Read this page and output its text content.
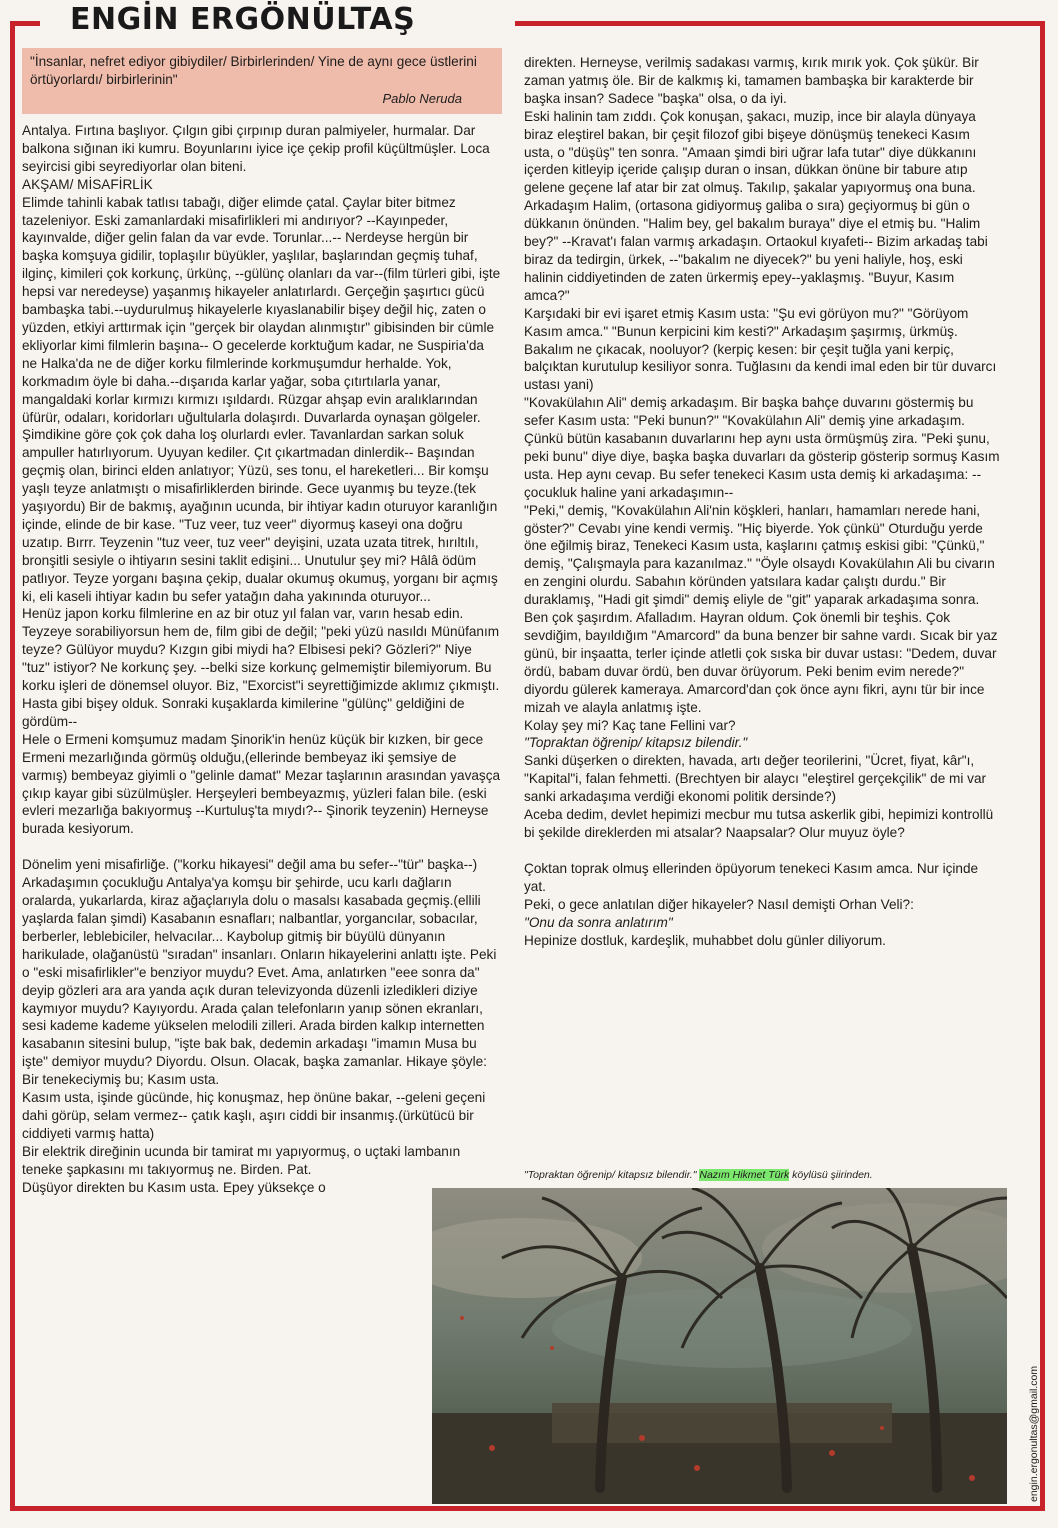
ENGİN ERGÖNÜLTAŞ
"İnsanlar, nefret ediyor gibiydiler/ Birbirlerinden/ Yine de aynı gece üstlerini örtüyorlardı/ birbirlerinin"
Pablo Neruda

Antalya. Fırtına başlıyor. Çılgın gibi çırpınıp duran palmiyeler, hurmalar. Dar balkona sığınan iki kumru. Boyunlarını iyice içe çekip profil küçültmüşler. Loca seyircisi gibi seyrediyorlar olan biteni.

AKŞAM/ MİSAFİRLİK

Elimde tahinli kabak tatlısı tabağı, diğer elimde çatal. Çaylar biter bitmez tazeleniyor. Eski zamanlardaki misafirlikleri mi andırıyor? --Kayınpeder, kayınvalde, diğer gelin falan da var evde. Torunlar...-- Nerdeyse hergün bir başka komşuya gidilir, toplaşılır büyükler, yaşlılar, başlarından geçmiş tuhaf, ilginç, kimileri çok korkunç, ürkünç, --gülünç olanları da var--(film türleri gibi, işte hepsi var neredeyse) yaşanmış hikayeler anlatırlardı. Gerçeğin şaşırtıcı gücü bambaşka tabi.--uydurulmuş hikayelerle kıyaslanabilir bişey değil hiç, zaten o yüzden, etkiyi arttırmak için "gerçek bir olaydan alınmıştır" gibisinden bir cümle ekliyorlar kimi filmlerin başına-- O gecelerde korktuğum kadar, ne Suspiria'da ne Halka'da ne de diğer korku filmlerinde korkmuşumdur herhalde. Yok, korkmadım öyle bi daha.--dışarıda karlar yağar, soba çıtırtılarla yanar, mangaldaki korlar kırmızı kırmızı ışıldardı. Rüzgar ahşap evin aralıklarından üfürür, odaları, koridorları uğultularla dolaşırdı. Duvarlarda oynaşan gölgeler. Şimdikine göre çok çok daha loş olurlardı evler. Tavanlardan sarkan soluk ampuller hatırlıyorum. Uyuyan kediler. Çıt çıkartmadan dinlerdik-- Başından geçmiş olan, birinci elden anlatıyor; Yüzü, ses tonu, el hareketleri... Bir komşu yaşlı teyze anlatmıştı o misafirliklerden birinde. Gece uyanmış bu teyze.(tek yaşıyordu) Bir de bakmış, ayağının ucunda, bir ihtiyar kadın oturuyor karanlığın içinde, elinde de bir kase. "Tuz veer, tuz veer" diyormuş kaseyi ona doğru uzatıp. Bırrr. Teyzenin "tuz veer, tuz veer" deyişini, uzata uzata titrek, hırıltılı, bronşitli sesiyle o ihtiyarın sesini taklit edişini... Unutulur şey mi? Hâlâ ödüm patlıyor. Teyze yorganı başına çekip, dualar okumuş okumuş, yorganı bir açmış ki, eli kaseli ihtiyar kadın bu sefer yatağın daha yakınında oturuyor...

Henüz japon korku filmlerine en az bir otuz yıl falan var, varın hesab edin. Teyzeye sorabiliyorsun hem de, film gibi de değil; "peki yüzü nasıldı Münüfanım teyze? Gülüyor muydu? Kızgın gibi miydi ha? Elbisesi peki? Gözleri?" Niye "tuz" istiyor? Ne korkunç şey. --belki size korkunç gelmemiştir bilemiyorum. Bu korku işleri de dönemsel oluyor. Biz, "Exorcist"i seyrettiğimizde aklımız çıkmıştı. Hasta gibi bişey olduk. Sonraki kuşaklarda kimilerine "gülünç" geldiğini de gördüm--

Hele o Ermeni komşumuz madam Şinorik'in henüz küçük bir kızken, bir gece Ermeni mezarlığında görmüş olduğu,(ellerinde bembeyaz iki şemsiye de varmış) bembeyaz giyimli o "gelinle damat" Mezar taşlarının arasından yavaşça çıkıp kayar gibi süzülmüşler. Herşeyleri bembeyazmış, yüzleri falan bile. (eski evleri mezarlığa bakıyormuş --Kurtuluş'ta mıydı?-- Şinorik teyzenin) Herneyse burada kesiyorum.

Dönelim yeni misafirliğe. ("korku hikayesi" değil ama bu sefer--"tür" başka--) Arkadaşımın çocukluğu Antalya'ya komşu bir şehirde, ucu karlı dağların oralarda, yukarlarda, kiraz ağaçlarıyla dolu o masalsı kasabada geçmiş.(ellili yaşlarda falan şimdi) Kasabanın esnafları; nalbantlar, yorgancılar, sobacılar, berberler, leblebiciler, helvacılar... Kaybolup gitmiş bir büyülü dünyanın harikulade, olağanüstü "sıradan" insanları. Onların hikayelerini anlattı işte. Peki o "eski misafirlikler"e benziyor muydu? Evet. Ama, anlatırken "eee sonra da" deyip gözleri ara ara yanda açık duran televizyonda düzenli izledikleri diziye kaymıyor muydu? Kayıyordu. Arada çalan telefonların yanıp sönen ekranları, sesi kademe kademe yükselen melodili zilleri. Arada birden kalkıp internetten kasabanın sitesini bulup, "işte bak bak, dedemin arkadaşı "imamın Musa bu işte" demiyor muydu? Diyordu. Olsun. Olacak, başka zamanlar. Hikaye şöyle:

Bir tenekeciymiş bu; Kasım usta.

Kasım usta, işinde gücünde, hiç konuşmaz, hep önüne bakar, --geleni geçeni dahi görüp, selam vermez-- çatık kaşlı, aşırı ciddi bir insanmış.(ürkütücü bir ciddiyeti varmış hatta)

Bir elektrik direğinin ucunda bir tamirat mı yapıyormuş, o uçtaki lambanın teneke şapkasını mı takıyormuş ne. Birden. Pat.

Düşüyor direkten bu Kasım usta. Epey yüksekçe o

direkten. Herneyse, verilmiş sadakası varmış, kırık mırık yok. Çok şükür. Bir zaman yatmış öle. Bir de kalkmış ki, tamamen bambaşka bir karakterde bir başka insan? Sadece "başka" olsa, o da iyi.

Eski halinin tam zıddı. Çok konuşan, şakacı, muzip, ince bir alayla dünyaya biraz eleştirel bakan, bir çeşit filozof gibi bişeye dönüşmüş tenekeci Kasım usta, o "düşüş" ten sonra. "Amaan şimdi biri uğrar lafa tutar" diye dükkanını içerden kitleyip içeride çalışıp duran o insan, dükkan önüne bir tabure atıp gelene geçene laf atar bir zat olmuş. Takılıp, şakalar yapıyormuş ona buna. Arkadaşım Halim, (ortasona gidiyormuş galiba o sıra) geçiyormuş bi gün o dükkanın önünden. "Halim bey, gel bakalım buraya" diye el etmiş bu. "Halim bey?" --Kravat'ı falan varmış arkadaşın. Ortaokul kıyafeti-- Bizim arkadaş tabi biraz da tedirgin, ürkek, --"bakalım ne diyecek?" bu yeni haliyle, hoş, eski halinin ciddiyetinden de zaten ürkermiş epey--yaklaşmış. "Buyur, Kasım amca?"

Karşıdaki bir evi işaret etmiş Kasım usta: "Şu evi görüyon mu?" "Görüyom Kasım amca." "Bunun kerpicini kim kesti?" Arkadaşım şaşırmış, ürkmüş. Bakalım ne çıkacak, nooluyor? (kerpiç kesen: bir çeşit tuğla yani kerpiç, balçıktan kurutulup kesiliyor sonra. Tuğlasını da kendi imal eden bir tür duvarcı ustası yani)

"Kovakülahın Ali" demiş arkadaşım. Bir başka bahçe duvarını göstermiş bu sefer Kasım usta: "Peki bunun?" "Kovakülahın Ali" demiş yine arkadaşım. Çünkü bütün kasabanın duvarlarını hep aynı usta örmüşmüş zira. "Peki şunu, peki bunu" diye diye, başka başka duvarları da gösterip gösterip sormuş Kasım usta. Hep aynı cevap. Bu sefer tenekeci Kasım usta demiş ki arkadaşıma: --çocukluk haline yani arkadaşımın--

"Peki," demiş, "Kovakülahın Ali'nin köşkleri, hanları, hamamları nerede hani, göster?" Cevabı yine kendi vermiş. "Hiç biyerde. Yok çünkü" Oturduğu yerde öne eğilmiş biraz, Tenekeci Kasım usta, kaşlarını çatmış eskisi gibi: "Çünkü," demiş, "Çalışmayla para kazanılmaz." "Öyle olsaydı Kovakülahın Ali bu civarın en zengini olurdu. Sabahın köründen yatsılara kadar çalıştı durdu." Bir duraklamış, "Hadi git şimdi" demiş eliyle de "git" yaparak arkadaşıma sonra.

Ben çok şaşırdım. Afalladım. Hayran oldum. Çok önemli bir teşhis. Çok sevdiğim, bayıldığım "Amarcord" da buna benzer bir sahne vardı. Sıcak bir yaz günü, bir inşaatta, terler içinde atletli çok sıska bir duvar ustası: "Dedem, duvar ördü, babam duvar ördü, ben duvar örüyorum. Peki benim evim nerede?" diyordu gülerek kameraya. Amarcord'dan çok önce aynı fikri, aynı tür bir ince mizah ve alayla anlatmış işte.

Kolay şey mi? Kaç tane Fellini var?

"Topraktan öğrenip/ kitapsız bilendir."

Sanki düşerken o direkten, havada, artı değer teorilerini, "Ücret, fiyat, kâr"ı, "Kapital"i, falan fehmetti. (Brechtyen bir alaycı "eleştirel gerçekçilik" de mi var sanki arkadaşıma verdiği ekonomi politik dersinde?)

Aceba dedim, devlet hepimizi mecbur mu tutsa askerlik gibi, hepimizi kontrollü bi şekilde direklerden mi atsalar? Naapsalar? Olur muyuz öyle?

Çoktan toprak olmuş ellerinden öpüyorum tenekeci Kasım amca. Nur içinde yat.

Peki, o gece anlatılan diğer hikayeler? Nasıl demişti Orhan Veli?:

"Onu da sonra anlatırım"

Hepinize dostluk, kardeşlik, muhabbet dolu günler diliyorum.

"Topraktan öğrenip/ kitapsız bilendir." Nazım Hikmet Türk köylüsü şiirinden.
engin.ergonultas@gmail.com
